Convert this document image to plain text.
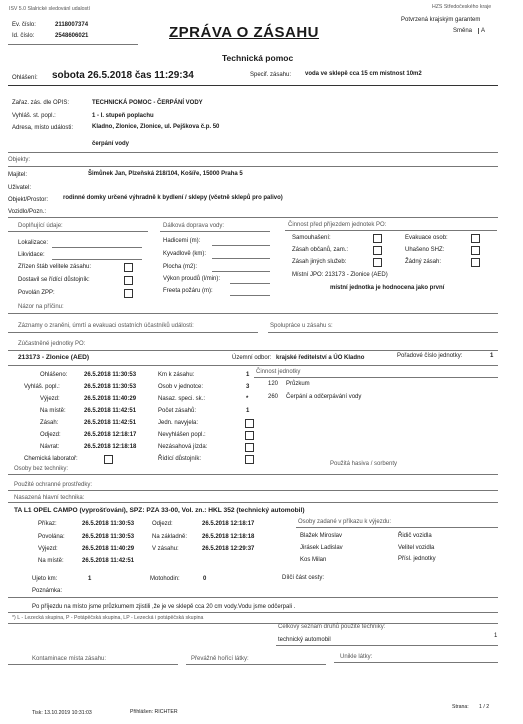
ISV 5.0 Slalrické sledovánl udalostí	HZS Středočeského kraje
Ev. číslo:	2118007374
Id. číslo:	2548606021	ZPRÁVA O ZÁSAHU
Potvrzená krajským garantem
Směna	A
Technická pomoc
Ohlášení: sobota 26.5.2018 čas 11:29:34	Specif. zásahu: voda ve sklepě cca 15 cm mistnost 10m2
Zařaz. zás. dle OPIS:	TECHNICKÁ POMOC - ČERPÁNÍ VODY
Vyhláš. st. popl.:	1 - I. stupeň poplachu
Adresa, místo události:	Kladno, Zlonice, Zlonice, ul. Pejškova č.p. 50
čerpání vody
Objekty:
Majitel:	Šimůnek Jan, Plzeňská 218/104, Košíře, 15000 Praha 5
Uživatel:
Objekt/Prostor: rodinné domky určené výhradně k bydlení / sklepy (včetně sklepů pro palivo)
Vozidlo/Pozn.:
Doplňující údaje:
Lokalizace:
Likvidace:
Zřízen štáb velitele zásahu:
Dostavil se řídící důstojník:
Povolán ZPP:
Dálková doprava vody:
Hadicemi (m):
Kyvadlově (km):
Plocha (m2):
Výkon proudů (l/min):
Freeta požáru (m):
Činnost před příjezdem jednotek PO:
Samouhašení:
Zásah občanů, zam.:
Zásah jiných služeb:
Evakuace osob:
Uhašeno SHZ:
Žádný zásah:
Místní JPO: 213173 - Zlonice (AED)
místní jednotka je hodnocena jako první
Názor na příčinu:
Záznamy o zraněni, úmrtí a evakuaci ostatních účastníků události:	Spolupráce u zásahu s:
Zúčastněné jednotky PO:
213173 - Zlonice (AED)	Územní odbor: krajské ředitelství a ÚO Kladno	Pořadové číslo jednotky:	1
Ohlášeno:	26.5.2018 11:30:53
Vyhláš. popl.:	26.5.2018 11:30:53
Výjezd:	26.5.2018 11:40:29
Na místě:	26.5.2018 11:42:51
Zásah:	26.5.2018 11:42:51
Odjezd:	26.5.2018 12:18:17
Návrat:	26.5.2018 12:18:18
Chemická laboratoř:
Km k zásahu:	1
Osob v jednotce:	3
Nasaz. speci. sk.:	*
Počet zásahů:	1
Jedn. navyjela:
Nevyhlášen popl.:
Nezásahová jízda:
Řídící důstojník:
Činnost jednotky
120 Průzkum
260 Čerpání a odčerpávání vody
Osoby bez techniky:
Použitá hasiva / sorbenty
Použité ochranné prostředky:
Nasazená hlavní technika:
TA L1 OPEL CAMPO (vyprošťování), SPZ: PZA 33-00, Vol. zn.: HKL 352 (technický automobil)
Příkaz:	26.5.2018 11:30:53
Povolána:	26.5.2018 11:30:53
Výjezd:	26.5.2018 11:40:29
Na místě:	26.5.2018 11:42:51
Odjezd:	26.5.2018 12:18:17
Na základně: 26.5.2018 12:18:18
V zásahu:	26.5.2018 12:29:37
Osoby zadané v příkazu k výjezdu:
Blažek Miroslav	Řidič vozidla
Jirásek Ladislav	Velitel vozidla
Kos Milan	Přísl. jednotky
Ujeto km:	1	Motohodin:	0	Dílčí část cesty:
Poznámka:
Po příjezdu na místo jsme průzkumem zjistili ,že je ve sklepě cca 20 cm vody.Vodu jsme odčerpali .
*) L - Lezecká skupina, P - Potápěčská skupina, LP - Lezecká i potápěčská skupina
Celkový seznam druhů použité techniky:
technický automobil
1
Kontaminace místa zásahu:	Převážně hořící látky:	Unikle látky:
Tisk: 13.10.2019 10:31:03	Přihlášen: RICHTER
Strana: 1 / 2
